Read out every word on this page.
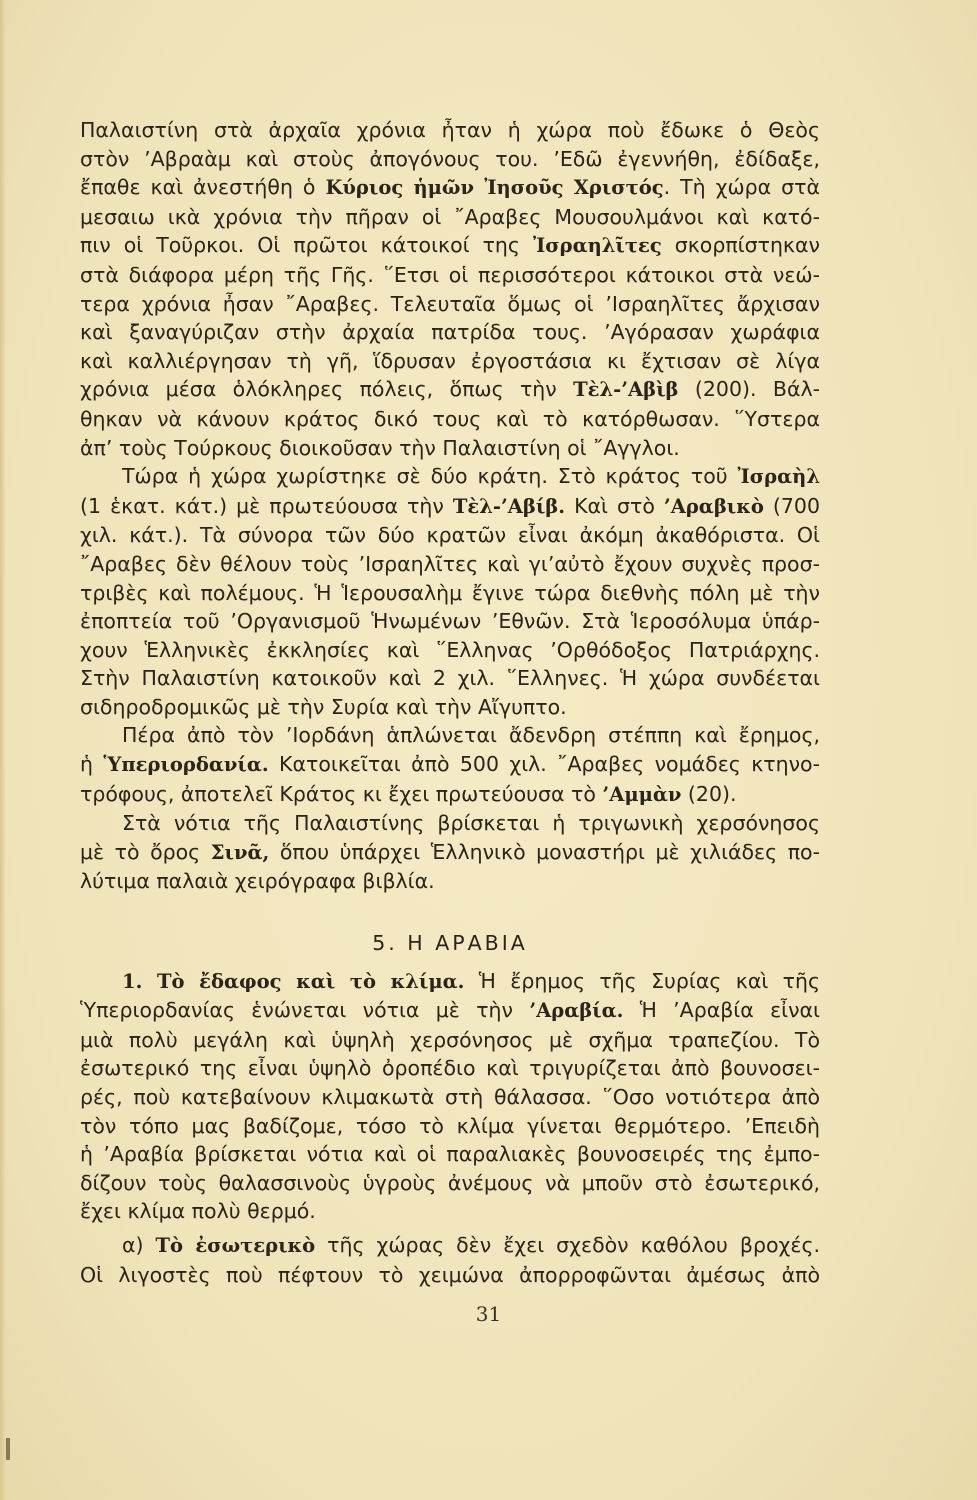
Παλαιστίνη στὰ ἀρχαῖα χρόνια ἦταν ἡ χώρα ποὺ ἔδωκε ὁ Θεὸς
στὸν ’Αβραὰμ καὶ στοὺς ἀπογόνους του. ’Εδῶ ἐγεννήθη, ἐδίδαξε,
ἔπαθε καὶ ἀνεστήθη ὁ Κύριος ἡμῶν Ἰησοῦς Χριστός. Τὴ χώρα στὰ
μεσαιω ικὰ χρόνια τὴν πῆραν οἱ ῎Αραβες Μουσουλμάνοι καὶ κατό-
πιν οἱ Τοῦρκοι. Οἱ πρῶτοι κάτοικοί της Ἰσραηλῖτες σκορπίστηκαν
στὰ διάφορα μέρη τῆς Γῆς. ῞Ετσι οἱ περισσότεροι κάτοικοι στὰ νεώ-
τερα χρόνια ἦσαν ῎Αραβες. Τελευταῖα ὅμως οἱ ’Ισραηλῖτες ἄρχισαν
καὶ ξαναγύριζαν στὴν ἀρχαία πατρίδα τους. ’Αγόρασαν χωράφια
καὶ καλλιέργησαν τὴ γῆ, ἵδρυσαν ἐργοστάσια κι ἔχτισαν σὲ λίγα
χρόνια μέσα ὁλόκληρες πόλεις, ὅπως τὴν Τὲλ-’Αβὶβ (200). Βάλ-
θηκαν νὰ κάνουν κράτος δικό τους καὶ τὸ κατόρθωσαν. ῞Υστερα
ἀπ’ τοὺς Τούρκους διοικοῦσαν τὴν Παλαιστίνη οἱ ῎Αγγλοι.
Τώρα ἡ χώρα χωρίστηκε σὲ δύο κράτη. Στὸ κράτος τοῦ Ἰσραὴλ
(1 ἑκατ. κάτ.) μὲ πρωτεύουσα τὴν Τὲλ-’Αβίβ. Καὶ στὸ ’Αραβικὸ (700
χιλ. κάτ.). Τὰ σύνορα τῶν δύο κρατῶν εἶναι ἀκόμη ἀκαθόριστα. Οἱ
῎Αραβες δὲν θέλουν τοὺς ’Ισραηλῖτες καὶ γι’αὐτὸ ἔχουν συχνὲς προσ-
τριβὲς καὶ πολέμους. Ἡ Ἱερουσαλὴμ ἔγινε τώρα διεθνὴς πόλη μὲ τὴν
ἐποπτεία τοῦ ’Οργανισμοῦ Ἡνωμένων ’Εθνῶν. Στὰ Ἱεροσόλυμα ὑπάρ-
χουν Ἑλληνικὲς ἐκκλησίες καὶ ῞Ελληνας ’Ορθόδοξος Πατριάρχης.
Στὴν Παλαιστίνη κατοικοῦν καὶ 2 χιλ. ῞Ελληνες. Ἡ χώρα συνδέεται
σιδηροδρομικῶς μὲ τὴν Συρία καὶ τὴν Αἴγυπτο.
Πέρα ἀπὸ τὸν ’Ιορδάνη ἁπλώνεται ἄδενδρη στέππη καὶ ἔρημος,
ἡ Ὑπεριορδανία. Κατοικεῖται ἀπὸ 500 χιλ. ῎Αραβες νομάδες κτηνο-
τρόφους, ἀποτελεῖ Κράτος κι ἔχει πρωτεύουσα τὸ ’Αμμὰν (20).
Στὰ νότια τῆς Παλαιστίνης βρίσκεται ἡ τριγωνικὴ χερσόνησος
μὲ τὸ ὄρος Σινᾶ, ὅπου ὑπάρχει Ἑλληνικὸ μοναστήρι μὲ χιλιάδες πο-
λύτιμα παλαιὰ χειρόγραφα βιβλία.
5. Η ΑΡΑΒΙΑ
1. Τὸ ἔδαφος καὶ τὸ κλίμα. Ἡ ἔρημος τῆς Συρίας καὶ τῆς
Ὑπεριορδανίας ἑνώνεται νότια μὲ τὴν ’Αραβία. Ἡ ’Αραβία εἶναι
μιὰ πολὺ μεγάλη καὶ ὑψηλὴ χερσόνησος μὲ σχῆμα τραπεζίου. Τὸ
ἐσωτερικό της εἶναι ὑψηλὸ ὀροπέδιο καὶ τριγυρίζεται ἀπὸ βουνοσει-
ρές, ποὺ κατεβαίνουν κλιμακωτὰ στὴ θάλασσα. ῞Οσο νοτιότερα ἀπὸ
τὸν τόπο μας βαδίζομε, τόσο τὸ κλίμα γίνεται θερμότερο. ’Επειδὴ
ἡ ’Αραβία βρίσκεται νότια καὶ οἱ παραλιακὲς βουνοσειρές της ἐμπο-
δίζουν τοὺς θαλασσινοὺς ὑγροὺς ἀνέμους νὰ μποῦν στὸ ἐσωτερικό,
ἔχει κλίμα πολὺ θερμό.
α) Τὸ ἐσωτερικὸ τῆς χώρας δὲν ἔχει σχεδὸν καθόλου βροχές.
Οἱ λιγοστὲς ποὺ πέφτουν τὸ χειμώνα ἀπορροφῶνται ἀμέσως ἀπὸ
31
